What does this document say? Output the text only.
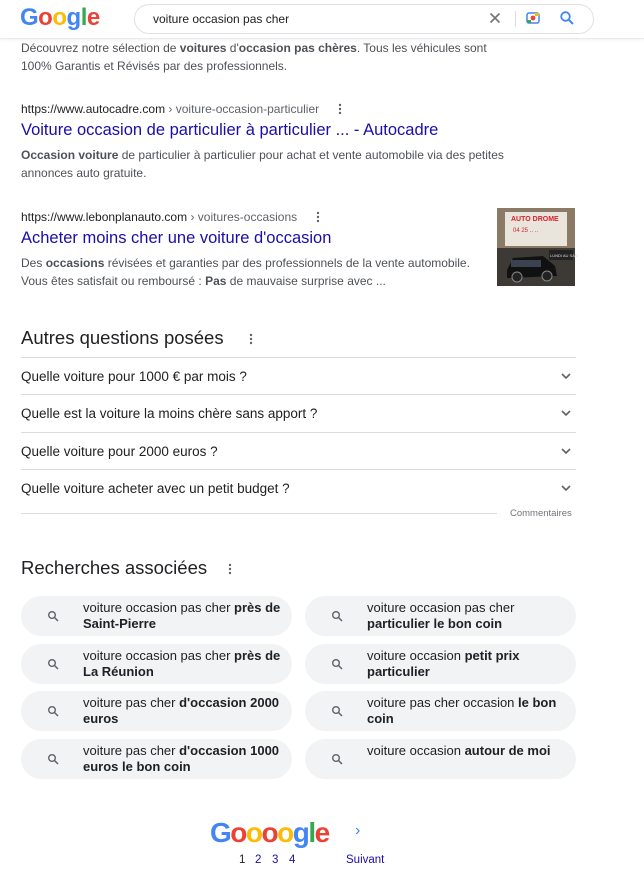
Google
voiture occasion pas cher
Découvrez notre sélection de voitures d'occasion pas chères. Tous les véhicules sont 100% Garantis et Révisés par des professionnels.
https://www.autocadre.com › voiture-occasion-particulier
Voiture occasion de particulier à particulier ... - Autocadre
Occasion voiture de particulier à particulier pour achat et vente automobile via des petites annonces auto gratuite.
https://www.lebonplanauto.com › voitures-occasions
Acheter moins cher une voiture d'occasion
Des occasions révisées et garanties par des professionnels de la vente automobile. Vous êtes satisfait ou remboursé : Pas de mauvaise surprise avec ...
AUTO DROME
04 25 .. ..
LUNDI AU SAM
Autres questions posées
Quelle voiture pour 1000 € par mois ?
Quelle est la voiture la moins chère sans apport ?
Quelle voiture pour 2000 euros ?
Quelle voiture acheter avec un petit budget ?
Commentaires
Recherches associées
voiture occasion pas cher près de Saint-Pierre
voiture occasion pas cher particulier le bon coin
voiture occasion pas cher près de La Réunion
voiture occasion petit prix particulier
voiture pas cher d'occasion 2000 euros
voiture pas cher occasion le bon coin
voiture pas cher d'occasion 1000 euros le bon coin
voiture occasion autour de moi
Goooogle ›
1 2 3 4	Suivant
